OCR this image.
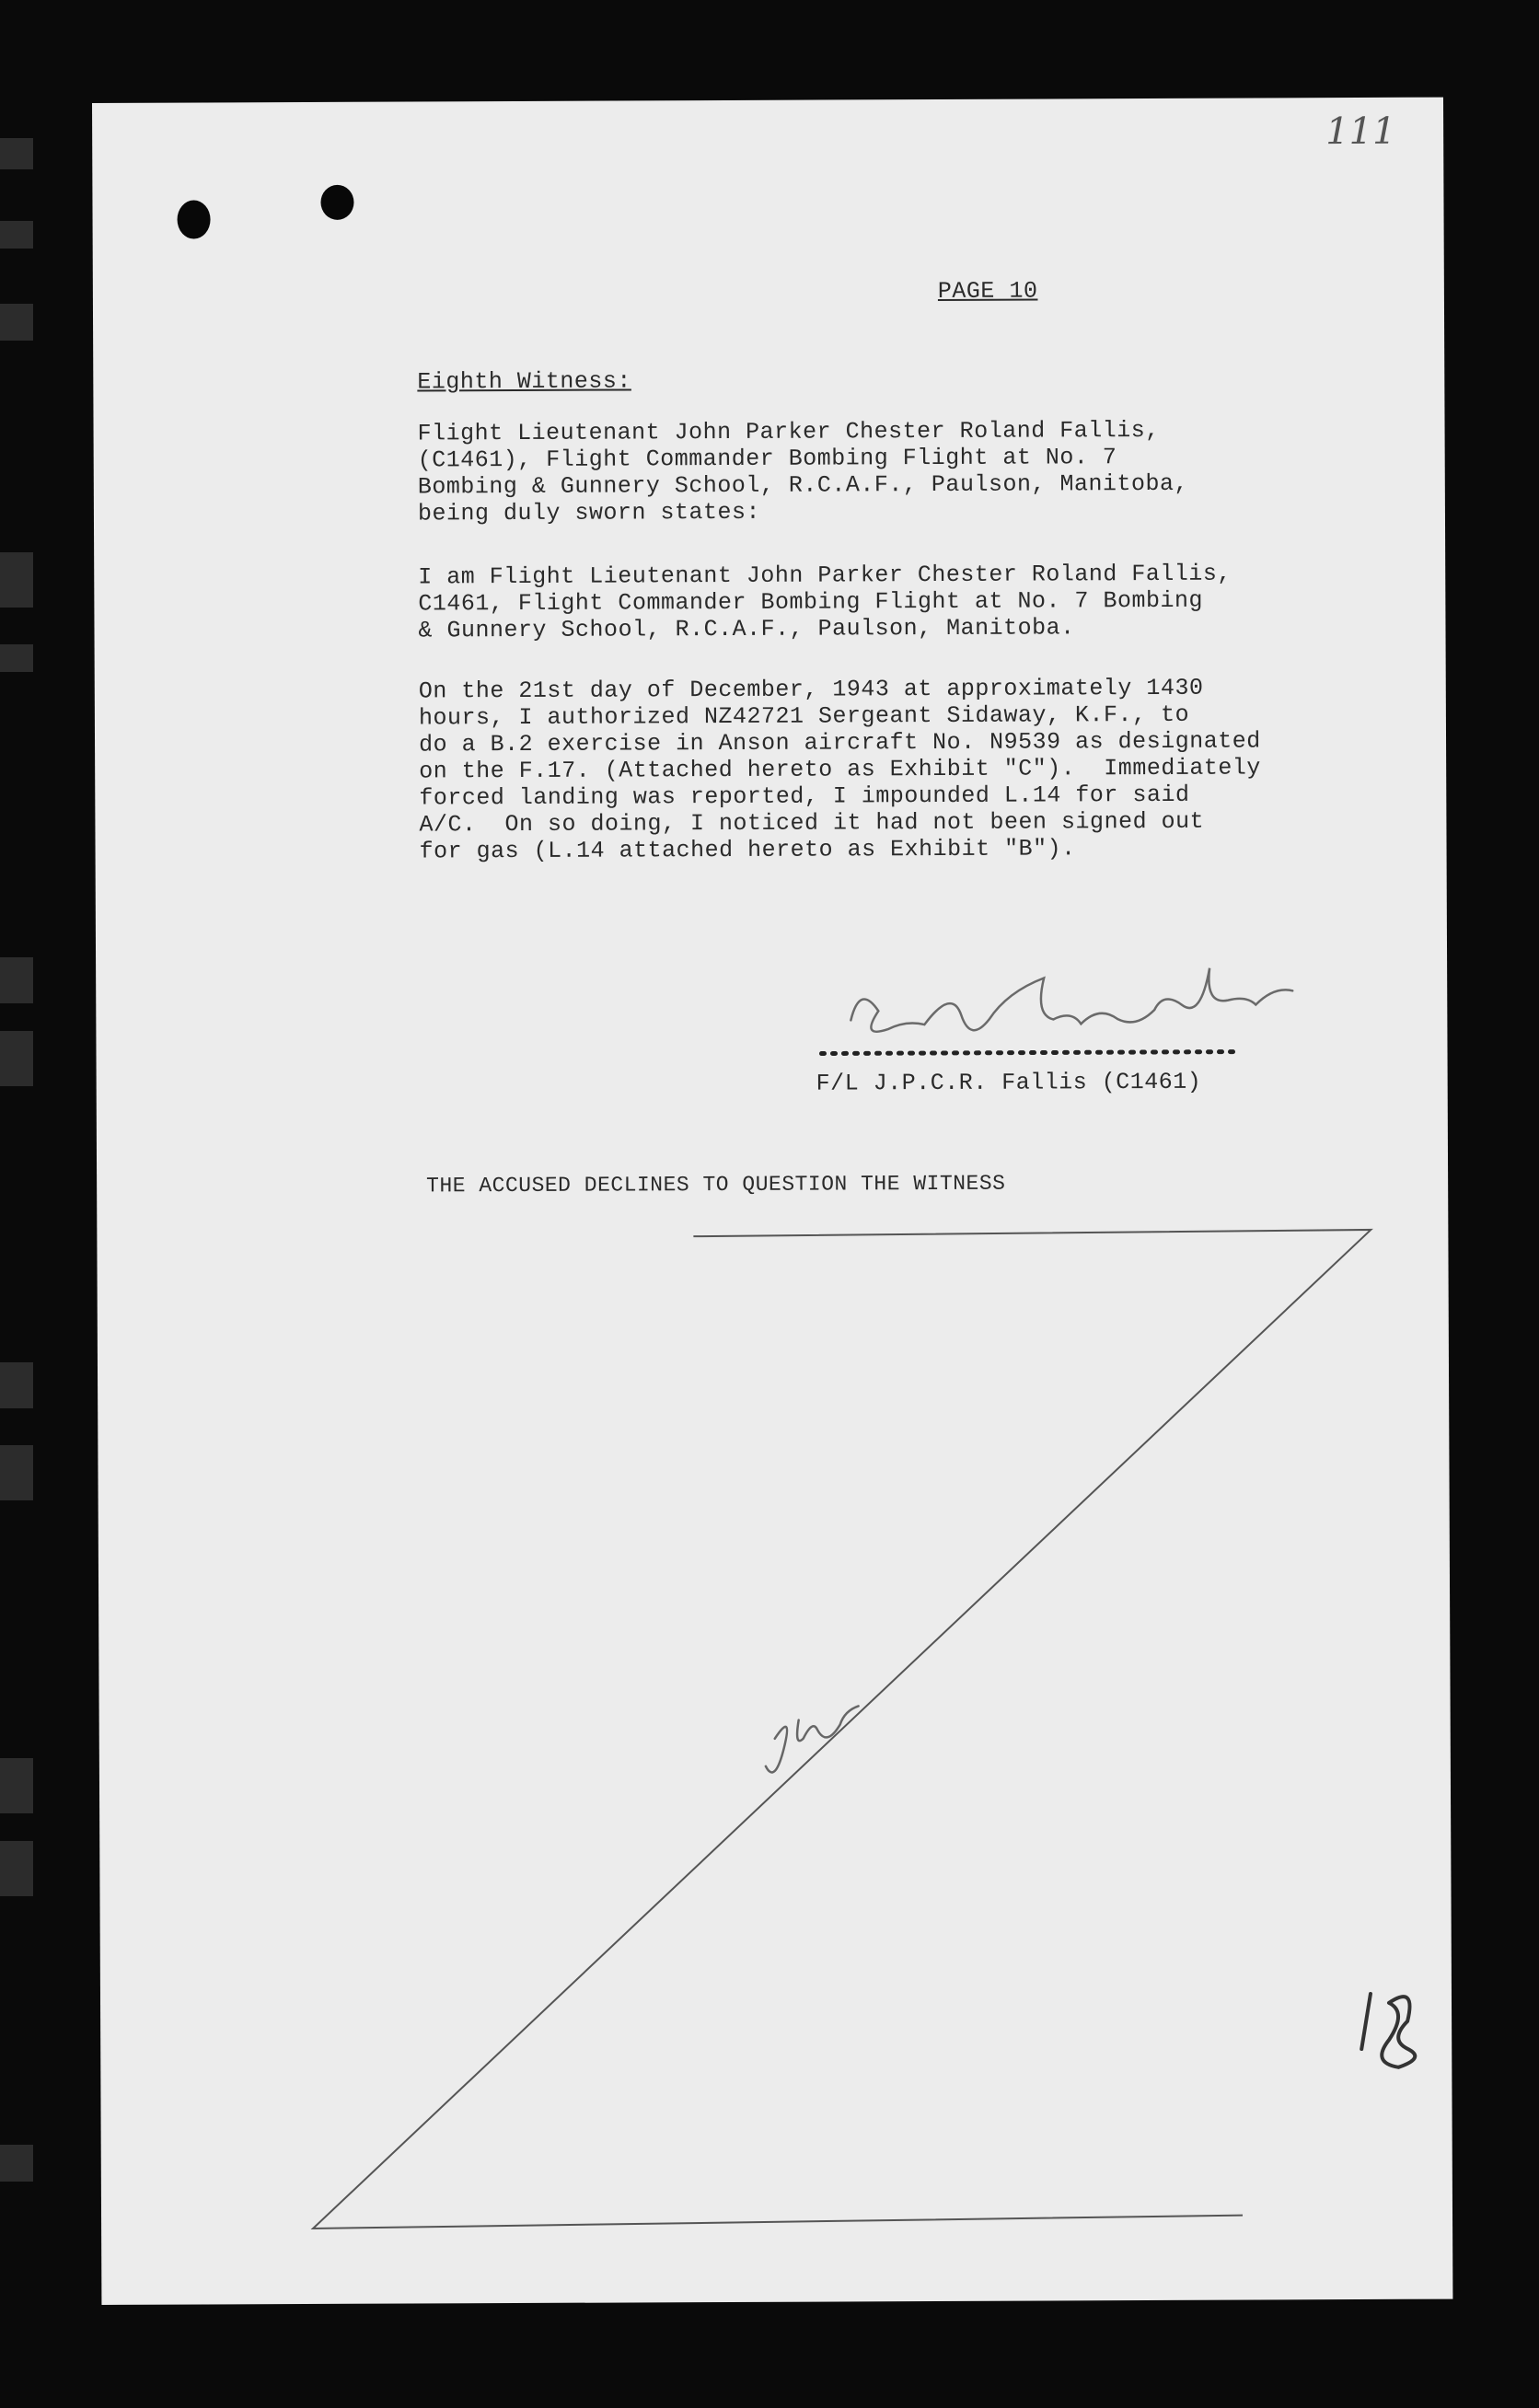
111
PAGE 10
Eighth Witness:
Flight Lieutenant John Parker Chester Roland Fallis,
(C1461), Flight Commander Bombing Flight at No. 7
Bombing & Gunnery School, R.C.A.F., Paulson, Manitoba,
being duly sworn states:
I am Flight Lieutenant John Parker Chester Roland Fallis,
C1461, Flight Commander Bombing Flight at No. 7 Bombing
& Gunnery School, R.C.A.F., Paulson, Manitoba.
On the 21st day of December, 1943 at approximately 1430
hours, I authorized NZ42721 Sergeant Sidaway, K.F., to
do a B.2 exercise in Anson aircraft No. N9539 as designated
on the F.17. (Attached hereto as Exhibit "C").  Immediately
forced landing was reported, I impounded L.14 for said
A/C.  On so doing, I noticed it had not been signed out
for gas (L.14 attached hereto as Exhibit "B").
F/L J.P.C.R. Fallis (C1461)
THE ACCUSED DECLINES TO QUESTION THE WITNESS
